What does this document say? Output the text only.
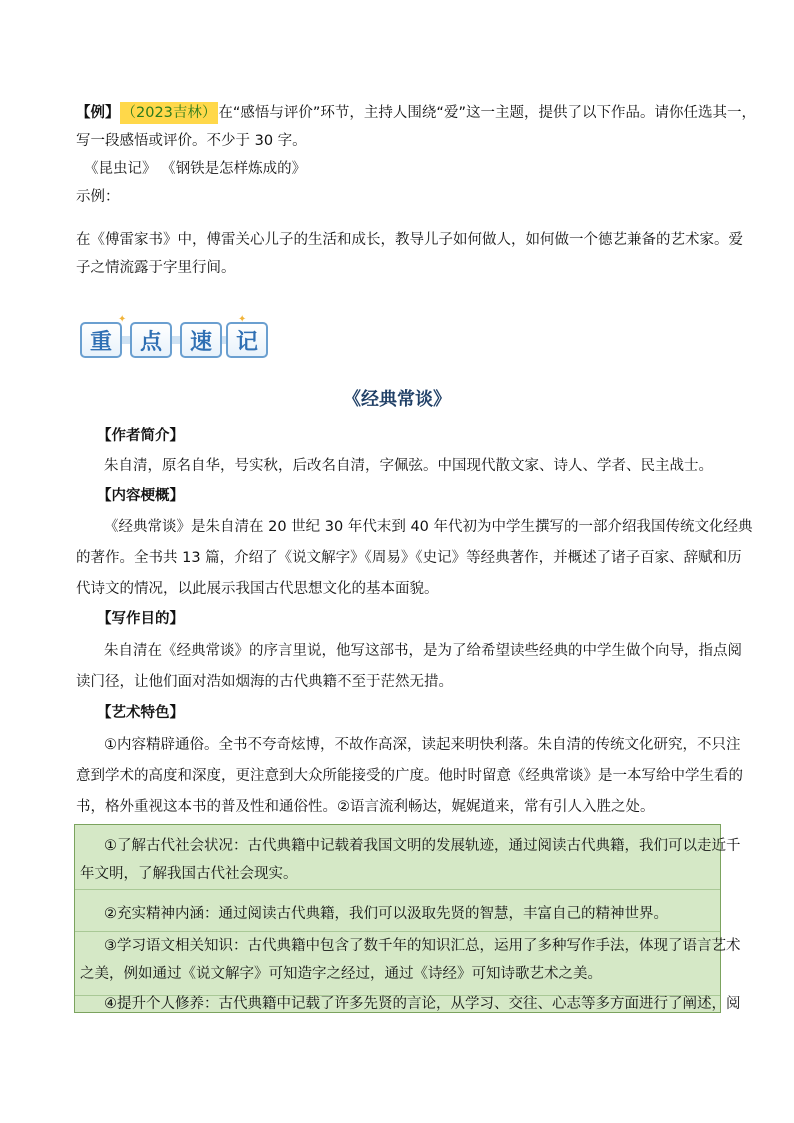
【例】 （2023吉林） 在“感悟与评价”环节，主持人围绕“爱”这一主题，提供了以下作品。请你任选其一，
写一段感悟或评价。不少于 30 字。
《昆虫记》 《钢铁是怎样炼成的》
示例：
在《傅雷家书》中，傅雷关心儿子的生活和成长，教导儿子如何做人，如何做一个德艺兼备的艺术家。爱
子之情流露于字里行间。
重	点	速	记
✦	✦
《经典常谈》
【作者简介】
朱自清，原名自华，号实秋，后改名自清，字佩弦。中国现代散文家、诗人、学者、民主战士。
【内容梗概】
《经典常谈》是朱自清在 20 世纪 30 年代末到 40 年代初为中学生撰写的一部介绍我国传统文化经典
的著作。全书共 13 篇，介绍了《说文解字》《周易》《史记》等经典著作，并概述了诸子百家、辞赋和历
代诗文的情况，以此展示我国古代思想文化的基本面貌。
【写作目的】
朱自清在《经典常谈》的序言里说，他写这部书，是为了给希望读些经典的中学生做个向导，指点阅
读门径，让他们面对浩如烟海的古代典籍不至于茫然无措。
【艺术特色】
①内容精辟通俗。全书不夸奇炫博，不故作高深，读起来明快利落。朱自清的传统文化研究，不只注
意到学术的高度和深度，更注意到大众所能接受的广度。他时时留意《经典常谈》是一本写给中学生看的
书，格外重视这本书的普及性和通俗性。②语言流利畅达，娓娓道来，常有引人入胜之处。
①了解古代社会状况：古代典籍中记载着我国文明的发展轨迹，通过阅读古代典籍，我们可以走近千
年文明，了解我国古代社会现实。
②充实精神内涵：通过阅读古代典籍，我们可以汲取先贤的智慧，丰富自己的精神世界。
③学习语文相关知识：古代典籍中包含了数千年的知识汇总，运用了多种写作手法，体现了语言艺术
之美，例如通过《说文解字》可知造字之经过，通过《诗经》可知诗歌艺术之美。
④提升个人修养：古代典籍中记载了许多先贤的言论，从学习、交往、心志等多方面进行了阐述，阅
